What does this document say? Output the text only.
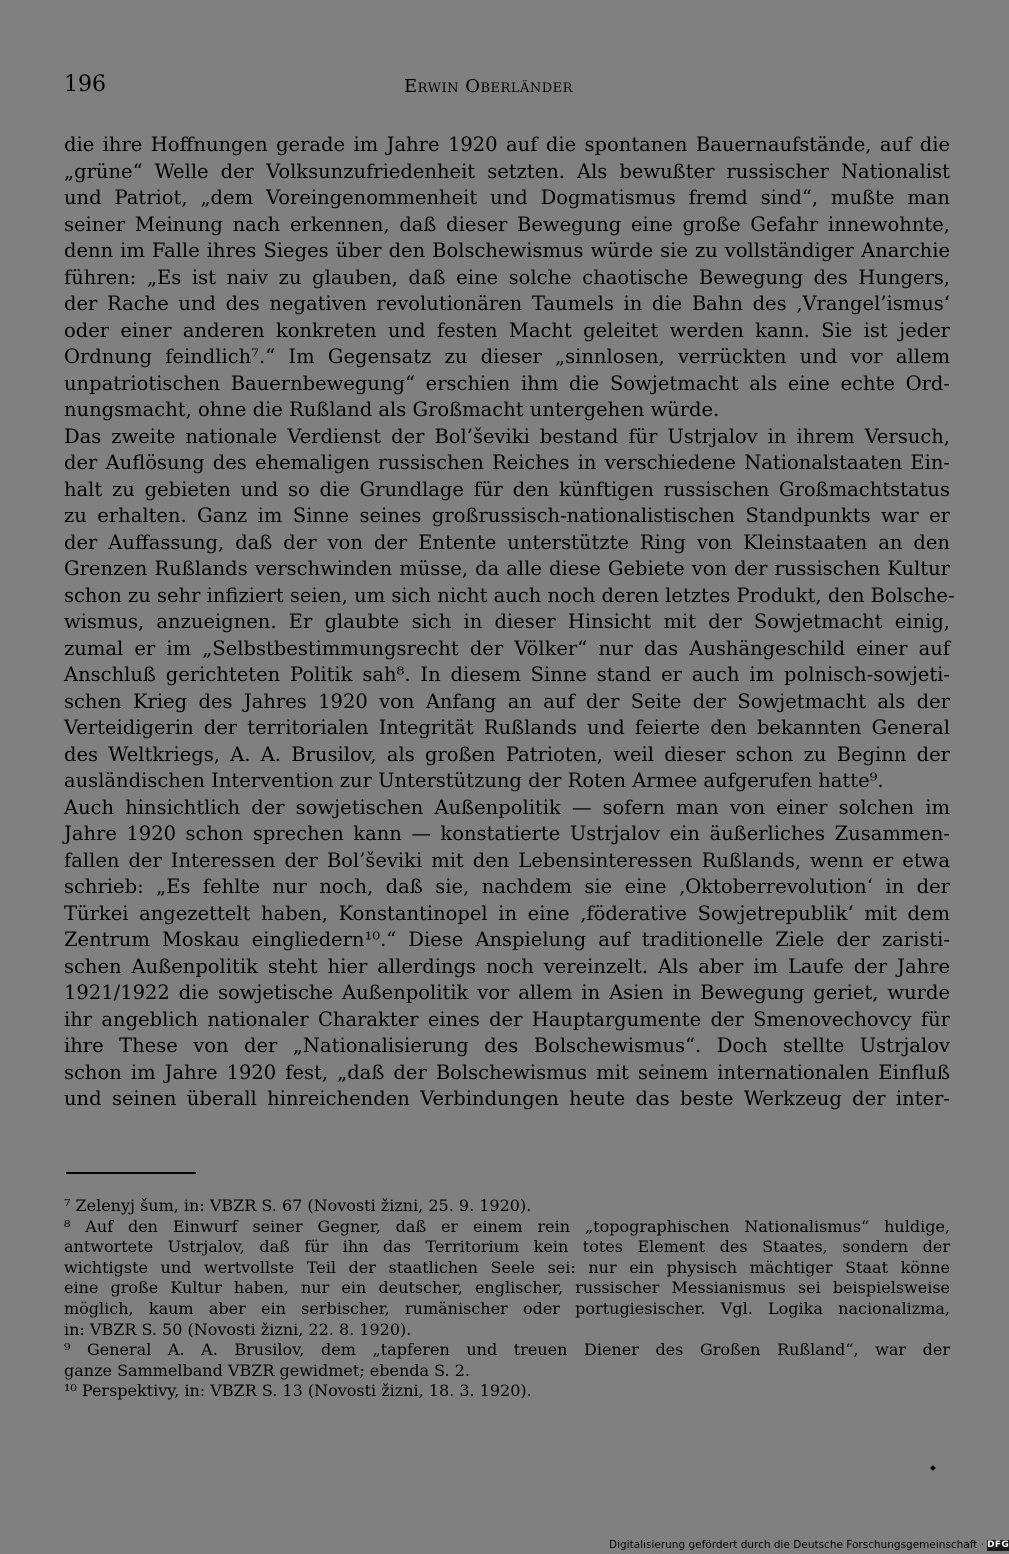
196	Erwin Oberländer
die ihre Hoffnungen gerade im Jahre 1920 auf die spontanen Bauernaufstände, auf die
„grüne“ Welle der Volksunzufriedenheit setzten. Als bewußter russischer Nationalist
und Patriot, „dem Voreingenommenheit und Dogmatismus fremd sind“, mußte man
seiner Meinung nach erkennen, daß dieser Bewegung eine große Gefahr innewohnte,
denn im Falle ihres Sieges über den Bolschewismus würde sie zu vollständiger Anarchie
führen: „Es ist naiv zu glauben, daß eine solche chaotische Bewegung des Hungers,
der Rache und des negativen revolutionären Taumels in die Bahn des ‚Vrangel’ismus‘
oder einer anderen konkreten und festen Macht geleitet werden kann. Sie ist jeder
Ordnung feindlich⁷.“ Im Gegensatz zu dieser „sinnlosen, verrückten und vor allem
unpatriotischen Bauernbewegung“ erschien ihm die Sowjetmacht als eine echte Ord-
nungsmacht, ohne die Rußland als Großmacht untergehen würde.
Das zweite nationale Verdienst der Bol’ševiki bestand für Ustrjalov in ihrem Versuch,
der Auflösung des ehemaligen russischen Reiches in verschiedene Nationalstaaten Ein-
halt zu gebieten und so die Grundlage für den künftigen russischen Großmachtstatus
zu erhalten. Ganz im Sinne seines großrussisch-nationalistischen Standpunkts war er
der Auffassung, daß der von der Entente unterstützte Ring von Kleinstaaten an den
Grenzen Rußlands verschwinden müsse, da alle diese Gebiete von der russischen Kultur
schon zu sehr infiziert seien, um sich nicht auch noch deren letztes Produkt, den Bolsche-
wismus, anzueignen. Er glaubte sich in dieser Hinsicht mit der Sowjetmacht einig,
zumal er im „Selbstbestimmungsrecht der Völker“ nur das Aushängeschild einer auf
Anschluß gerichteten Politik sah⁸. In diesem Sinne stand er auch im polnisch-sowjeti-
schen Krieg des Jahres 1920 von Anfang an auf der Seite der Sowjetmacht als der
Verteidigerin der territorialen Integrität Rußlands und feierte den bekannten General
des Weltkriegs, A. A. Brusilov, als großen Patrioten, weil dieser schon zu Beginn der
ausländischen Intervention zur Unterstützung der Roten Armee aufgerufen hatte⁹.
Auch hinsichtlich der sowjetischen Außenpolitik — sofern man von einer solchen im
Jahre 1920 schon sprechen kann — konstatierte Ustrjalov ein äußerliches Zusammen-
fallen der Interessen der Bol’ševiki mit den Lebensinteressen Rußlands, wenn er etwa
schrieb: „Es fehlte nur noch, daß sie, nachdem sie eine ‚Oktoberrevolution‘ in der
Türkei angezettelt haben, Konstantinopel in eine ‚föderative Sowjetrepublik‘ mit dem
Zentrum Moskau eingliedern¹⁰.“ Diese Anspielung auf traditionelle Ziele der zaristi-
schen Außenpolitik steht hier allerdings noch vereinzelt. Als aber im Laufe der Jahre
1921/1922 die sowjetische Außenpolitik vor allem in Asien in Bewegung geriet, wurde
ihr angeblich nationaler Charakter eines der Hauptargumente der Smenovechovcy für
ihre These von der „Nationalisierung des Bolschewismus“. Doch stellte Ustrjalov
schon im Jahre 1920 fest, „daß der Bolschewismus mit seinem internationalen Einfluß
und seinen überall hinreichenden Verbindungen heute das beste Werkzeug der inter-
⁷ Zelenyj šum, in: VBZR S. 67 (Novosti žizni, 25. 9. 1920).
⁸ Auf den Einwurf seiner Gegner, daß er einem rein „topographischen Nationalismus“ huldige,
antwortete Ustrjalov, daß für ihn das Territorium kein totes Element des Staates, sondern der
wichtigste und wertvollste Teil der staatlichen Seele sei: nur ein physisch mächtiger Staat könne
eine große Kultur haben, nur ein deutscher, englischer, russischer Messianismus sei beispielsweise
möglich, kaum aber ein serbischer, rumänischer oder portugiesischer. Vgl. Logika nacionalizma,
in: VBZR S. 50 (Novosti žizni, 22. 8. 1920).
⁹ General A. A. Brusilov, dem „tapferen und treuen Diener des Großen Rußland“, war der
ganze Sammelband VBZR gewidmet; ebenda S. 2.
¹⁰ Perspektivy, in: VBZR S. 13 (Novosti žizni, 18. 3. 1920).
Digitalisierung gefördert durch die Deutsche Forschungsgemeinschaft · DFG
